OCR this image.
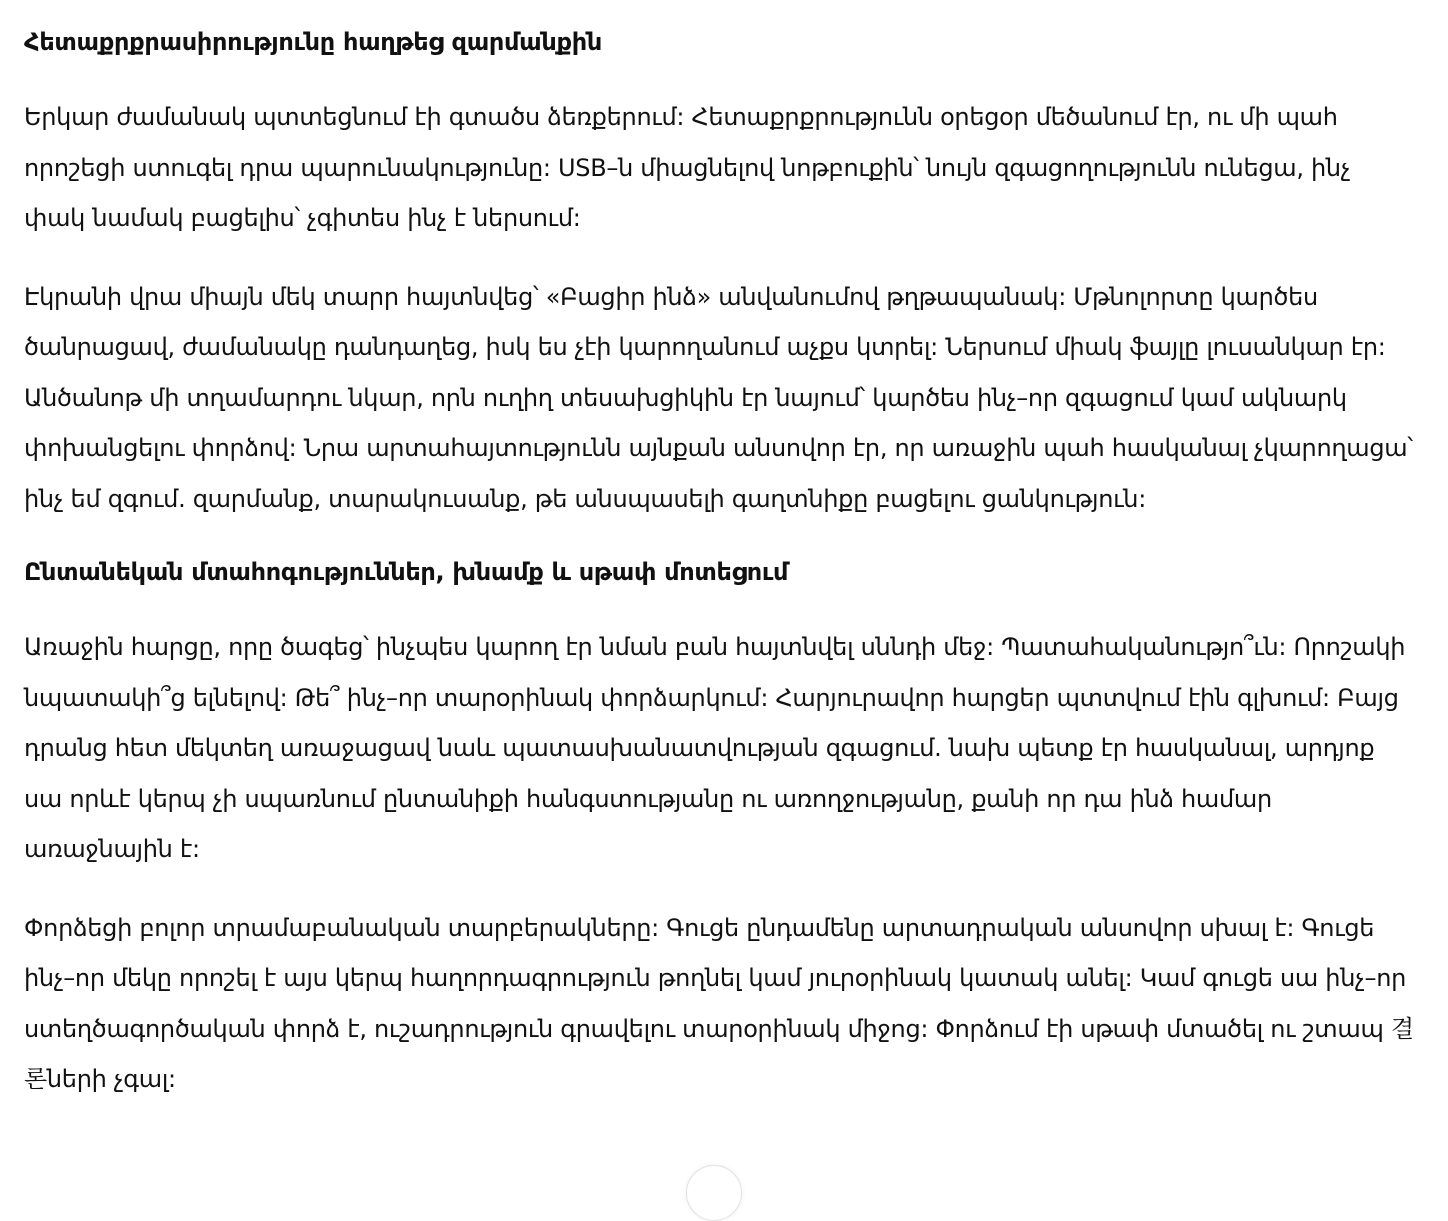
Հետաքրքրասիրությունը հաղթեց զարմանքին

Երկար ժամանակ պտտեցնում էի գտածս ձեռքերում: Հետաքրքրությունն օրեցօր մեծանում էր, ու մի պահ որոշեցի ստուգել դրա պարունակությունը: USB–ն միացնելով նոթբուքին՝ նույն զգացողությունն ունեցա, ինչ փակ նամակ բացելիս՝ չգիտես ինչ է ներսում:

Էկրանի վրա միայն մեկ տարր հայտնվեց՝ «Բացիր ինձ» անվանումով թղթապանակ: Մթնոլորտը կարծես ծանրացավ, ժամանակը դանդաղեց, իսկ ես չէի կարողանում աչքս կտրել: Ներսում միակ ֆայլը լուսանկար էր: Անծանոթ մի տղամարդու նկար, որն ուղիղ տեսախցիկին էր նայում՝ կարծես ինչ–որ զգացում կամ ակնարկ փոխանցելու փորձով: Նրա արտահայտությունն այնքան անսովոր էր, որ առաջին պահ հասկանալ չկարողացա՝ ինչ եմ զգում. զարմանք, տարակուսանք, թե անսպասելի գաղտնիքը բացելու ցանկություն:

Ընտանեկան մտահոգություններ, խնամք և սթափ մոտեցում

Առաջին հարցը, որը ծագեց՝ ինչպես կարող էր նման բան հայտնվել սննդի մեջ: Պատահականությո՞ւն: Որոշակի նպատակի՞ց ելնելով: Թե՞ ինչ–որ տարօրինակ փորձարկում: Հարյուրավոր հարցեր պտտվում էին գլխում: Բայց դրանց հետ մեկտեղ առաջացավ նաև պատասխանատվության զգացում. նախ պետք էր հասկանալ, արդյոք սա որևէ կերպ չի սպառնում ընտանիքի հանգստությանը ու առողջությանը, քանի որ դա ինձ համար առաջնային է:

Փորձեցի բոլոր տրամաբանական տարբերակները: Գուցե ընդամենը արտադրական անսովոր սխալ է: Գուցե ինչ–որ մեկը որոշել է այս կերպ հաղորդագրություն թողնել կամ յուրօրինակ կատակ անել: Կամ գուցե սա ինչ–որ ստեղծագործական փորձ է, ուշադրություն գրավելու տարօրինակ միջոց: Փորձում էի սթափ մտածել ու շտապ 결론ների չգալ:
